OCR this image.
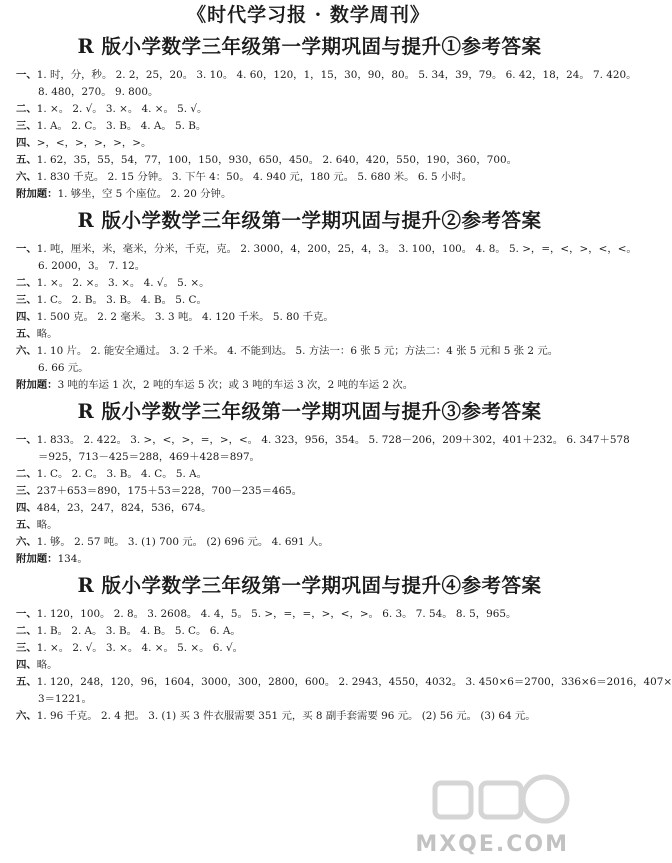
《时代学习报 · 数学周刊》
R 版小学数学三年级第一学期巩固与提升①参考答案
一、1. 时，分，秒。 2. 2，25，20。 3. 10。 4. 60，120，1，15，30，90，80。 5. 34，39，79。 6. 42，18，24。 7. 420。
8. 480，270。 9. 800。
二、1. ×。 2. √。 3. ×。 4. ×。 5. √。
三、1. A。 2. C。 3. B。 4. A。 5. B。
四、>，<，>，>，>，>。
五、1. 62，35，55，54，77，100，150，930，650，450。 2. 640，420，550，190，360，700。
六、1. 830 千克。 2. 15 分钟。 3. 下午 4：50。 4. 940 元，180 元。 5. 680 米。 6. 5 小时。
附加题：1. 够坐，空 5 个座位。 2. 20 分钟。
R 版小学数学三年级第一学期巩固与提升②参考答案
一、1. 吨，厘米，米，毫米，分米，千克，克。 2. 3000，4，200，25，4，3。 3. 100，100。 4. 8。 5. >，=，<，>，<，<。
6. 2000，3。 7. 12。
二、1. ×。 2. ×。 3. ×。 4. √。 5. ×。
三、1. C。 2. B。 3. B。 4. B。 5. C。
四、1. 500 克。 2. 2 毫米。 3. 3 吨。 4. 120 千米。 5. 80 千克。
五、略。
六、1. 10 片。 2. 能安全通过。 3. 2 千米。 4. 不能到达。 5. 方法一：6 张 5 元；方法二：4 张 5 元和 5 张 2 元。
6. 66 元。
附加题：3 吨的车运 1 次，2 吨的车运 5 次；或 3 吨的车运 3 次，2 吨的车运 2 次。
R 版小学数学三年级第一学期巩固与提升③参考答案
一、1. 833。 2. 422。 3. >，<，>，=，>，<。 4. 323，956，354。 5. 728－206，209＋302，401＋232。 6. 347＋578
＝925，713－425＝288，469＋428＝897。
二、1. C。 2. C。 3. B。 4. C。 5. A。
三、237＋653＝890，175＋53＝228，700－235＝465。
四、484，23，247，824，536，674。
五、略。
六、1. 够。 2. 57 吨。 3. (1) 700 元。 (2) 696 元。 4. 691 人。
附加题：134。
R 版小学数学三年级第一学期巩固与提升④参考答案
一、1. 120，100。 2. 8。 3. 2608。 4. 4，5。 5. >，=，=，>，<，>。 6. 3。 7. 54。 8. 5，965。
二、1. B。 2. A。 3. B。 4. B。 5. C。 6. A。
三、1. ×。 2. √。 3. ×。 4. ×。 5. ×。 6. √。
四、略。
五、1. 120，248，120，96，1604，3000，300，2800，600。 2. 2943，4550，4032。 3. 450×6＝2700，336×6＝2016，407×
3＝1221。
六、1. 96 千克。 2. 4 把。 3. (1) 买 3 件衣服需要 351 元，买 8 副手套需要 96 元。 (2) 56 元。 (3) 64 元。
MXQE.COM
